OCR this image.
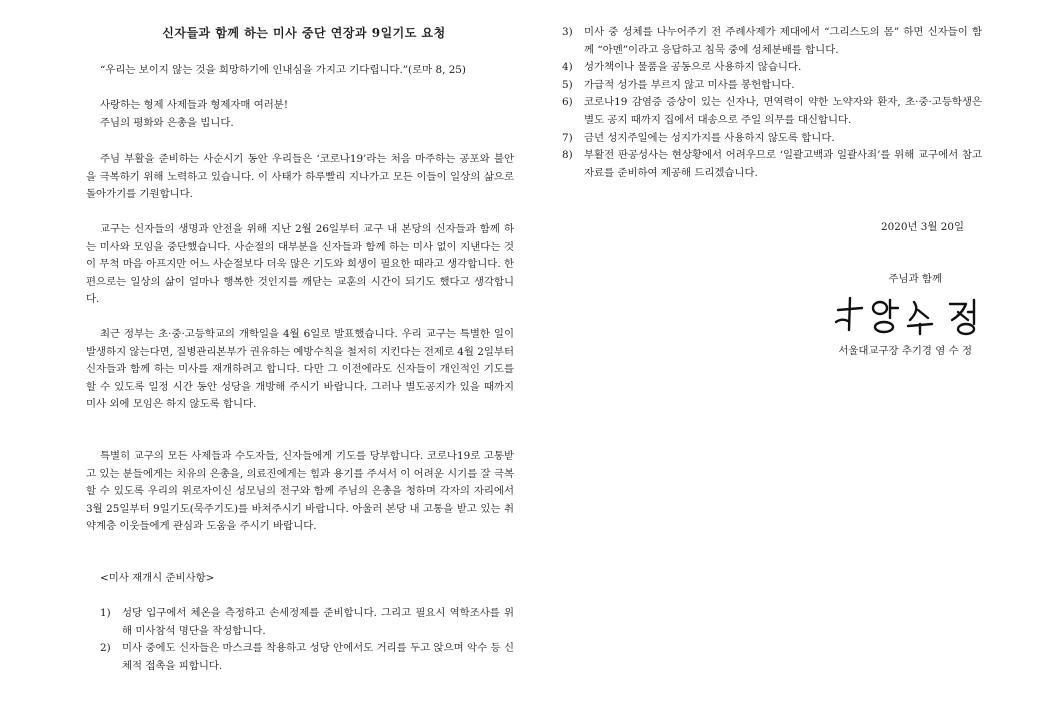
신자들과 함께 하는 미사 중단 연장과 9일기도 요청
“우리는 보이지 않는 것을 희망하기에 인내심을 가지고 기다립니다.”(로마 8, 25)
사랑하는 형제 사제들과 형제자매 여러분!
주님의 평화와 은총을 빕니다.
주님 부활을 준비하는 사순시기 동안 우리들은 ‘코로나19’라는 처음 마주하는 공포와 불안을 극복하기 위해 노력하고 있습니다. 이 사태가 하루빨리 지나가고 모든 이들이 일상의 삶으로 돌아가기를 기원합니다.
교구는 신자들의 생명과 안전을 위해 지난 2월 26일부터 교구 내 본당의 신자들과 함께 하는 미사와 모임을 중단했습니다. 사순절의 대부분을 신자들과 함께 하는 미사 없이 지낸다는 것이 무척 마음 아프지만 어느 사순절보다 더욱 많은 기도와 희생이 필요한 때라고 생각합니다. 한편으로는 일상의 삶이 얼마나 행복한 것인지를 깨닫는 교훈의 시간이 되기도 했다고 생각합니다.
최근 정부는 초·중·고등학교의 개학일을 4월 6일로 발표했습니다. 우리 교구는 특별한 일이 발생하지 않는다면, 질병관리본부가 권유하는 예방수칙을 철저히 지킨다는 전제로 4월 2일부터 신자들과 함께 하는 미사를 재개하려고 합니다. 다만 그 이전에라도 신자들이 개인적인 기도를 할 수 있도록 일정 시간 동안 성당을 개방해 주시기 바랍니다. 그러나 별도공지가 있을 때까지 미사 외에 모임은 하지 않도록 합니다.
특별히 교구의 모든 사제들과 수도자들, 신자들에게 기도를 당부합니다. 코로나19로 고통받고 있는 분들에게는 치유의 은총을, 의료진에게는 힘과 용기를 주셔서 이 어려운 시기를 잘 극복할 수 있도록 우리의 위로자이신 성모님의 전구와 함께 주님의 은총을 청하며 각자의 자리에서 3월 25일부터 9일기도(묵주기도)를 바쳐주시기 바랍니다. 아울러 본당 내 고통을 받고 있는 취약계층 이웃들에게 관심과 도움을 주시기 바랍니다.
<미사 재개시 준비사항>
1) 성당 입구에서 체온을 측정하고 손세정제를 준비합니다. 그리고 필요시 역학조사를 위해 미사참석 명단을 작성합니다.
2) 미사 중에도 신자들은 마스크를 착용하고 성당 안에서도 거리를 두고 앉으며 악수 등 신체적 접촉을 피합니다.
3) 미사 중 성체를 나누어주기 전 주례사제가 제대에서 “그리스도의 몸” 하면 신자들이 함께 “아멘”이라고 응답하고 침묵 중에 성체분배를 합니다.
4) 성가책이나 물품을 공동으로 사용하지 않습니다.
5) 가급적 성가를 부르지 않고 미사를 봉헌합니다.
6) 코로나19 감염증 증상이 있는 신자나, 면역력이 약한 노약자와 환자, 초·중·고등학생은 별도 공지 때까지 집에서 대송으로 주일 의무를 대신합니다.
7) 금년 성지주일에는 성지가지를 사용하지 않도록 합니다.
8) 부활전 판공성사는 현상황에서 어려우므로 ‘일괄고백과 일괄사죄’를 위해 교구에서 참고자료를 준비하여 제공해 드리겠습니다.
2020년 3월 20일
주님과 함께
서울대교구장 추기경 염 수 정
